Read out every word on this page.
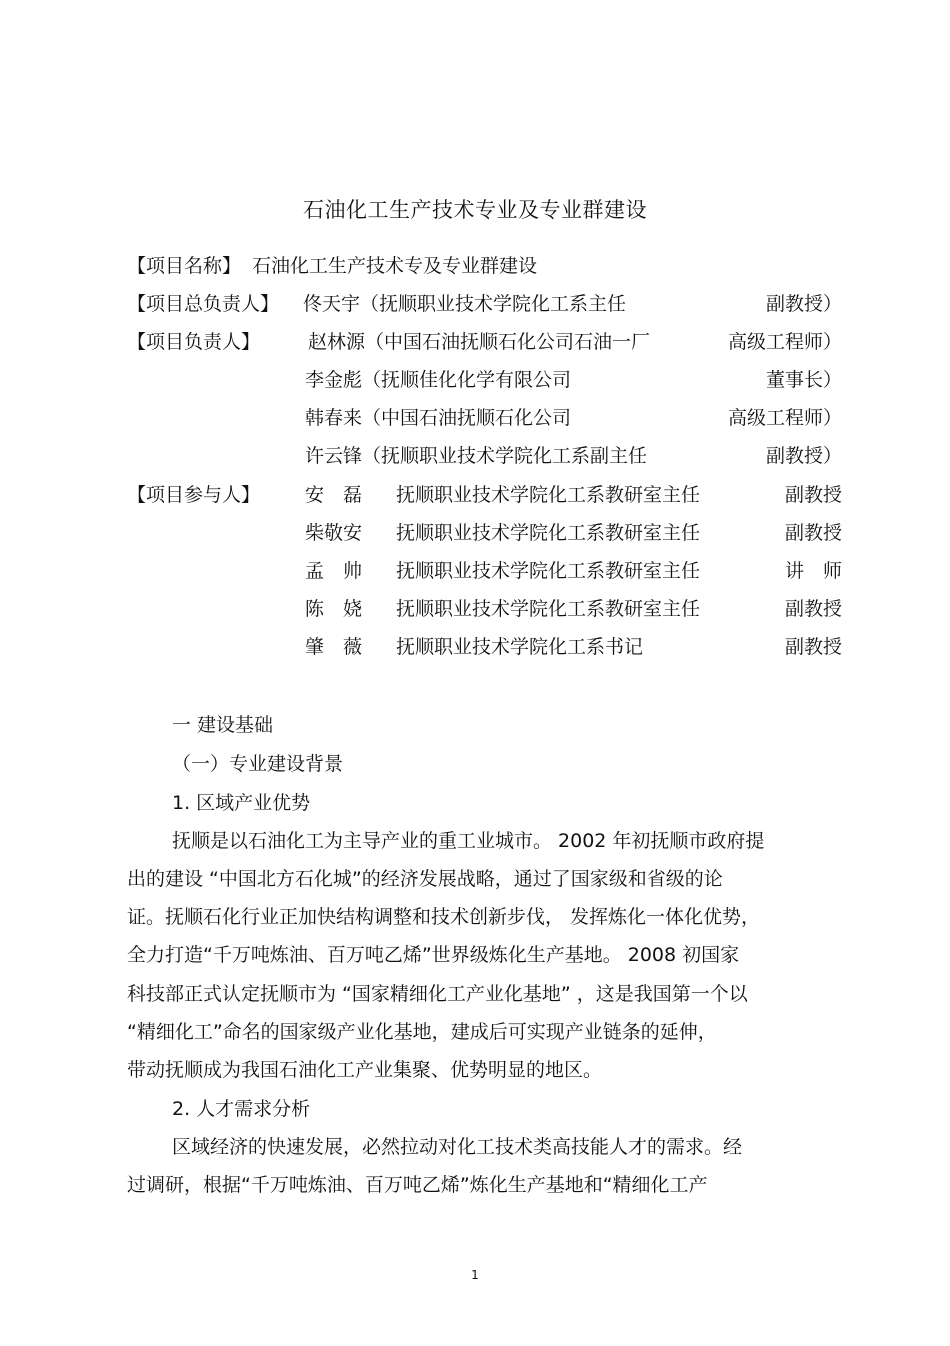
石油化工生产技术专业及专业群建设
【项目名称】 石油化工生产技术专及专业群建设
【项目总负责人】 佟天宇（抚顺职业技术学院化工系主任	副教授）
【项目负责人】	赵林源（中国石油抚顺石化公司石油一厂	高级工程师）
李金彪（抚顺佳化化学有限公司	董事长）
韩春来（中国石油抚顺石化公司	高级工程师）
许云锋（抚顺职业技术学院化工系副主任	副教授）
【项目参与人】 安　磊 抚顺职业技术学院化工系教研室主任	副教授
柴敬安 抚顺职业技术学院化工系教研室主任	副教授
孟　帅 抚顺职业技术学院化工系教研室主任	讲　师
陈　娆 抚顺职业技术学院化工系教研室主任	副教授
肇　薇 抚顺职业技术学院化工系书记	副教授
一 建设基础
（一）专业建设背景
1. 区域产业优势
抚顺是以石油化工为主导产业的重工业城市。 2002 年初抚顺市政府提
出的建设 “中国北方石化城”的经济发展战略，通过了国家级和省级的论
证。抚顺石化行业正加快结构调整和技术创新步伐， 发挥炼化一体化优势，
全力打造“千万吨炼油、百万吨乙烯”世界级炼化生产基地。 2008 初国家
科技部正式认定抚顺市为 “国家精细化工产业化基地” ，这是我国第一个以
“精细化工”命名的国家级产业化基地，建成后可实现产业链条的延伸，
带动抚顺成为我国石油化工产业集聚、优势明显的地区。
2. 人才需求分析
区域经济的快速发展，必然拉动对化工技术类高技能人才的需求。经
过调研，根据“千万吨炼油、百万吨乙烯”炼化生产基地和“精细化工产
1
